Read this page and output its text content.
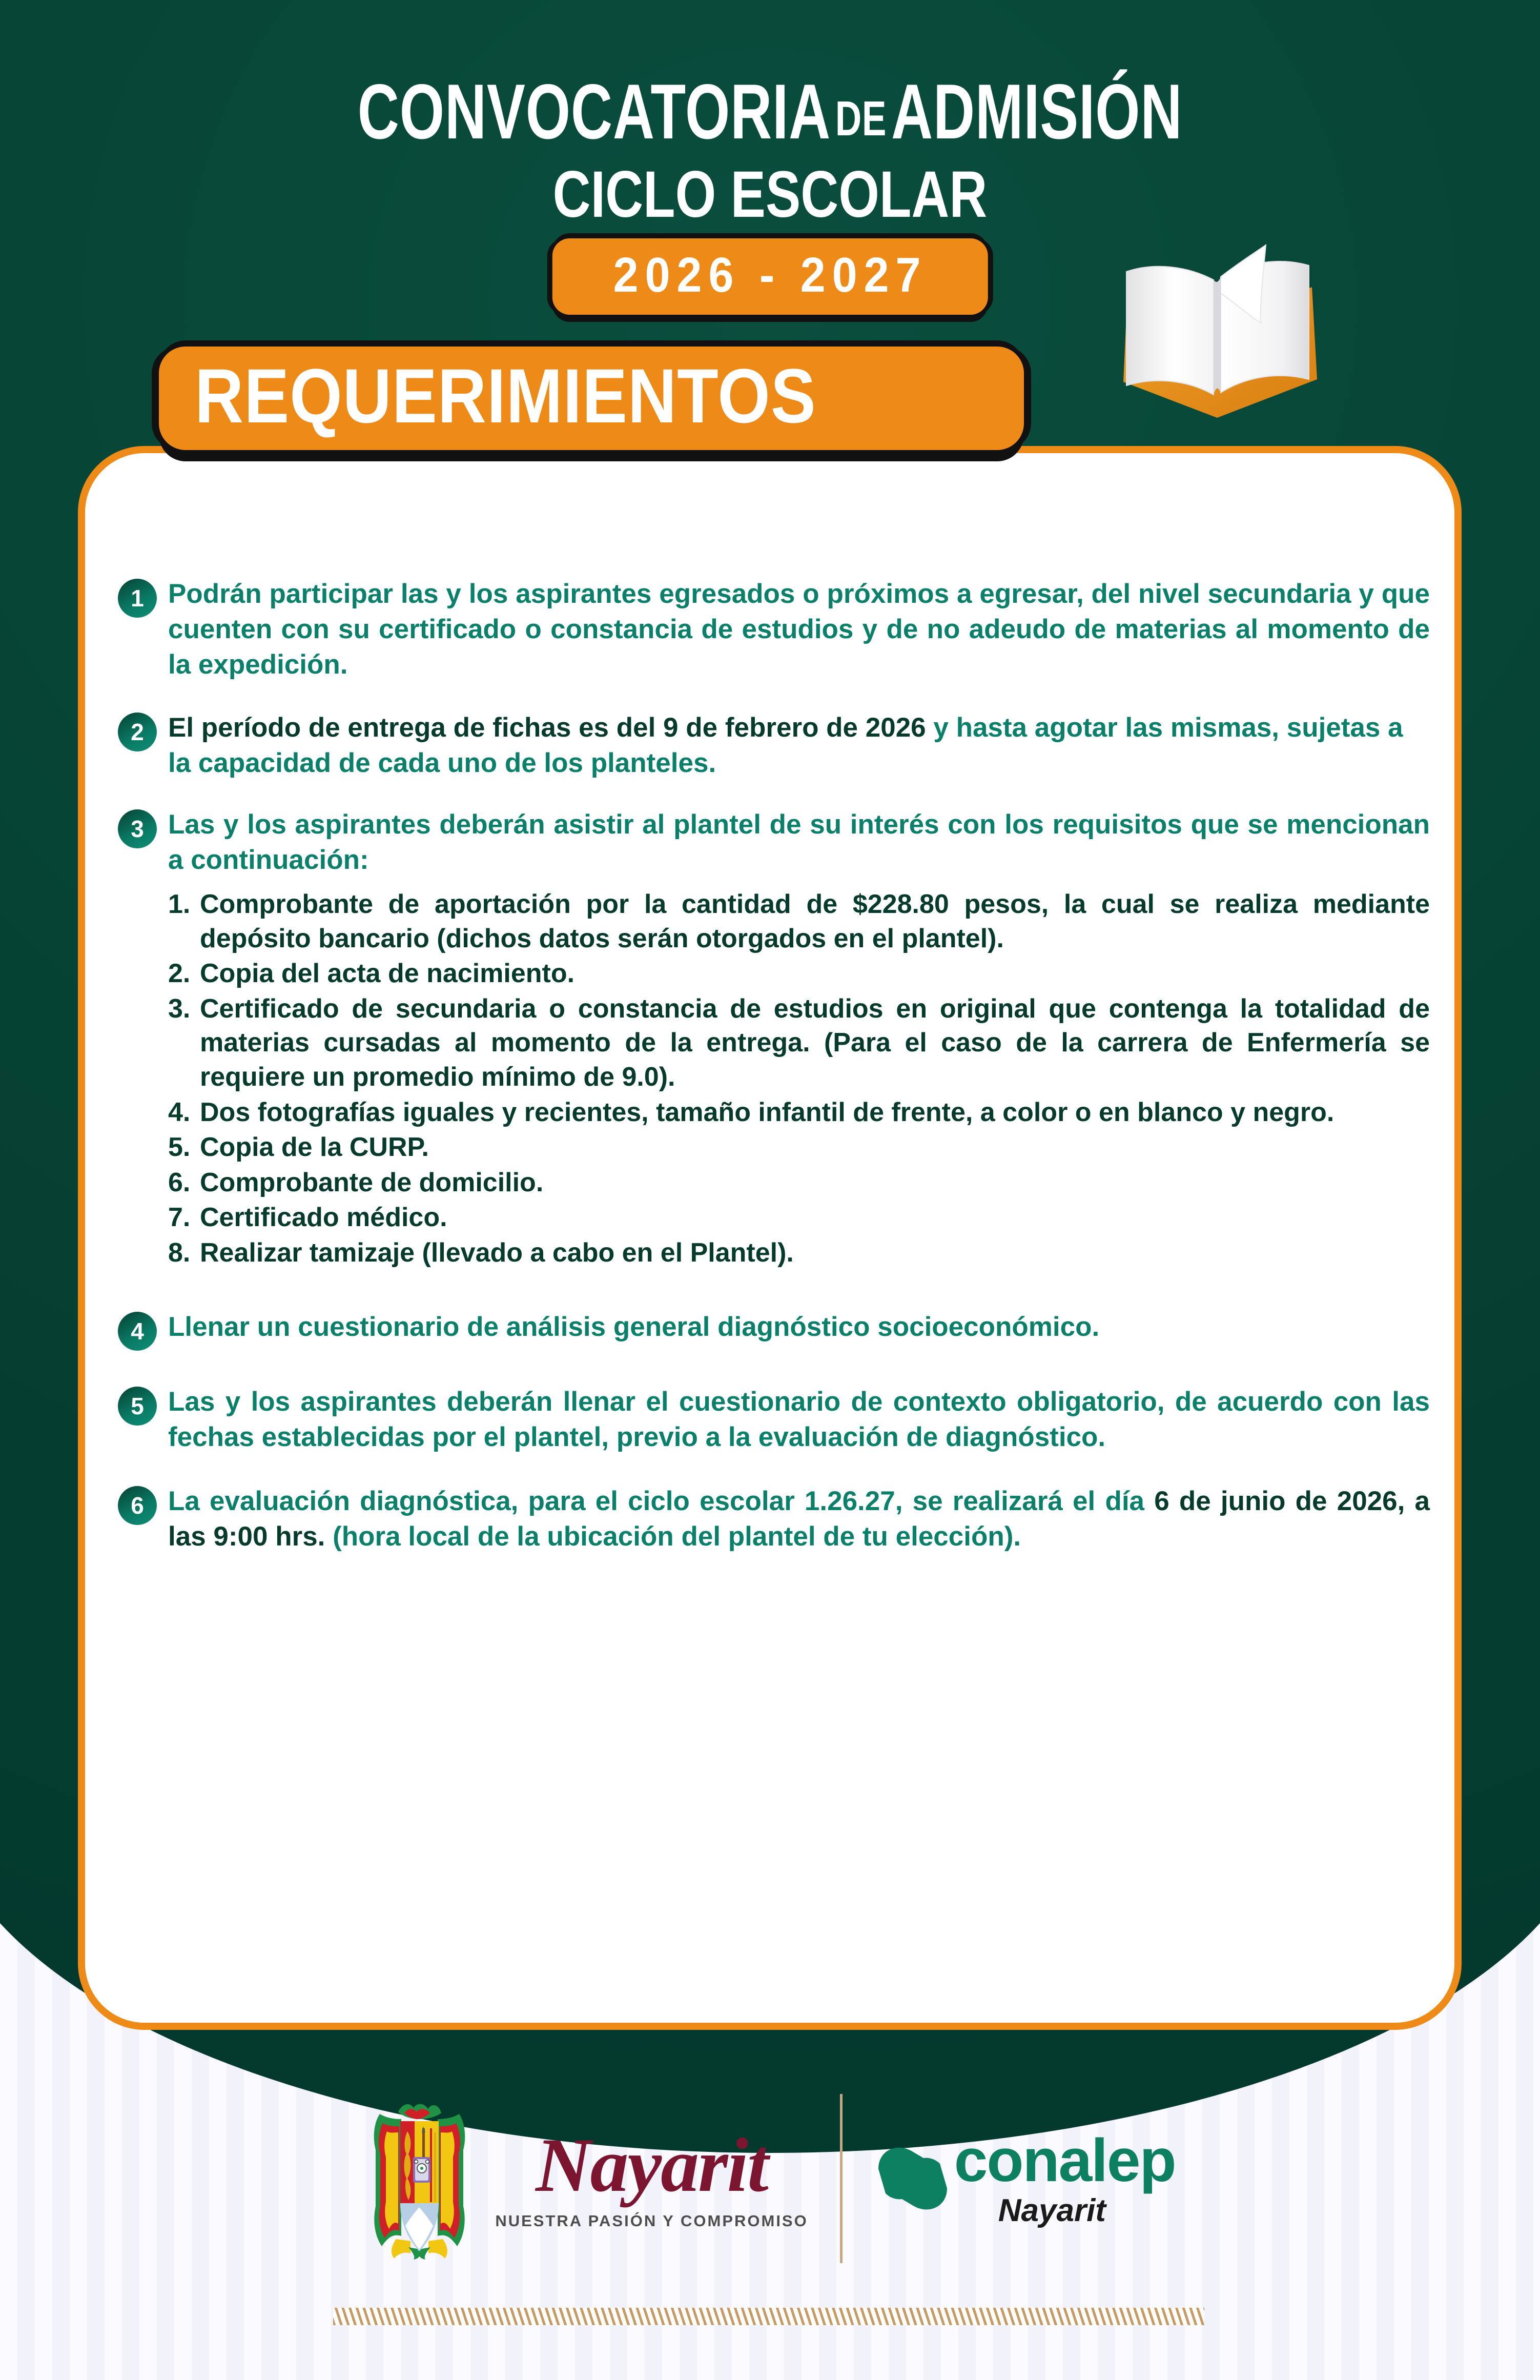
CONVOCATORIADEADMISIÓN
CICLO ESCOLAR
2026 - 2027
REQUERIMIENTOS
1 Podrán participar las y los aspirantes egresados o próximos a egresar, del nivel secundaria y que cuenten con su certificado o constancia de estudios y de no adeudo de materias al momento de la expedición.
2 El período de entrega de fichas es del 9 de febrero de 2026 y hasta agotar las mismas, sujetas a la capacidad de cada uno de los planteles.
3 Las y los aspirantes deberán asistir al plantel de su interés con los requisitos que se mencionan a continuación:
1. Comprobante de aportación por la cantidad de $228.80 pesos, la cual se realiza mediante depósito bancario (dichos datos serán otorgados en el plantel).
2. Copia del acta de nacimiento.
3. Certificado de secundaria o constancia de estudios en original que contenga la totalidad de materias cursadas al momento de la entrega. (Para el caso de la carrera de Enfermería se requiere un promedio mínimo de 9.0).
4. Dos fotografías iguales y recientes, tamaño infantil de frente, a color o en blanco y negro.
5. Copia de la CURP.
6. Comprobante de domicilio.
7. Certificado médico.
8. Realizar tamizaje (llevado a cabo en el Plantel).
4 Llenar un cuestionario de análisis general diagnóstico socioeconómico.
5 Las y los aspirantes deberán llenar el cuestionario de contexto obligatorio, de acuerdo con las fechas establecidas por el plantel, previo a la evaluación de diagnóstico.
6 La evaluación diagnóstica, para el ciclo escolar 1.26.27, se realizará el día 6 de junio de 2026, a las 9:00 hrs. (hora local de la ubicación del plantel de tu elección).
Nayarit
NUESTRA PASIÓN Y COMPROMISO
conalep
Nayarit
